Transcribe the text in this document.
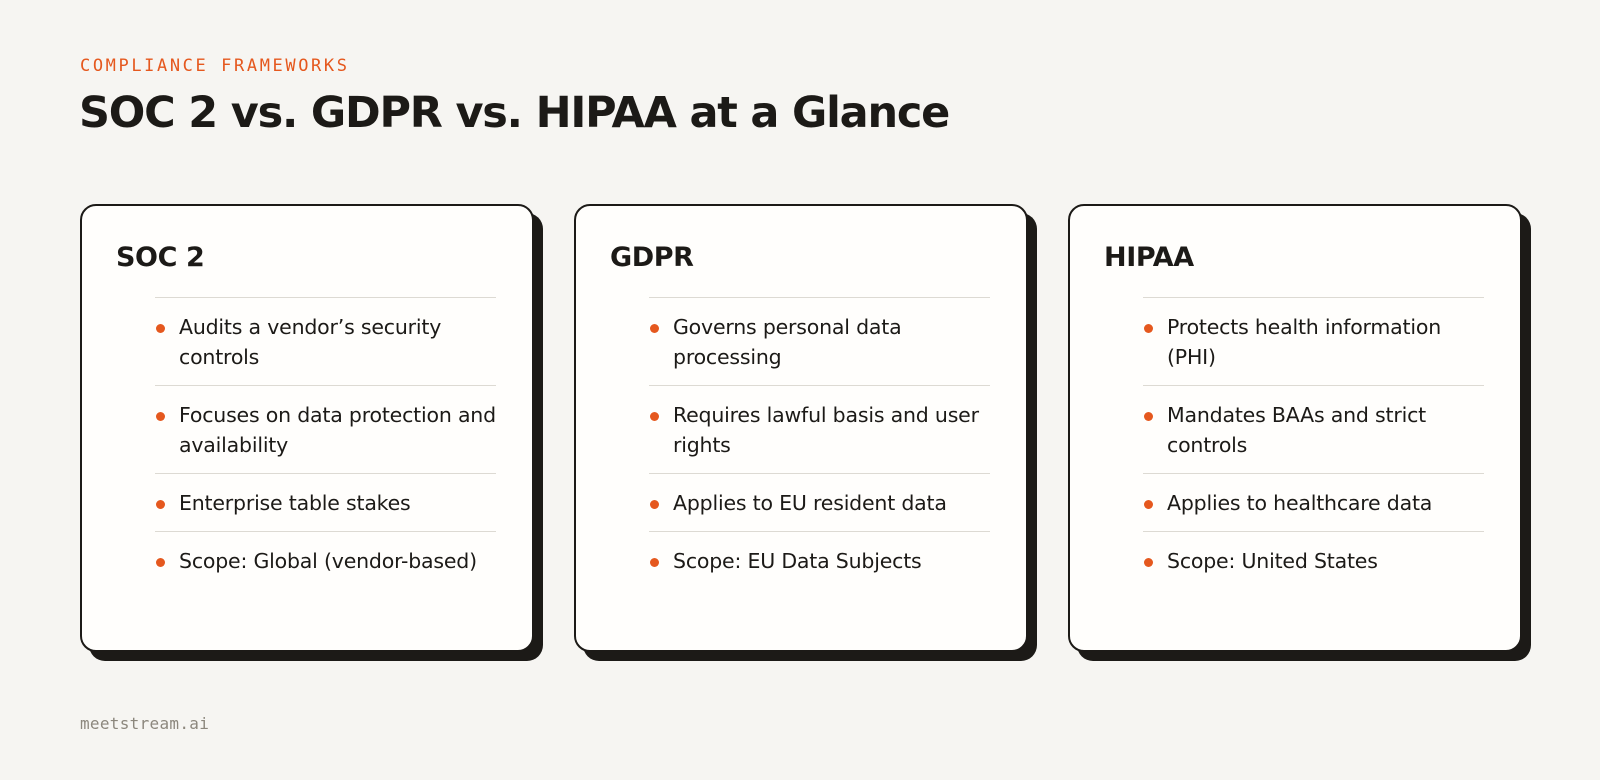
COMPLIANCE FRAMEWORKS
SOC 2 vs. GDPR vs. HIPAA at a Glance
SOC 2
Audits a vendor’s security controls
Focuses on data protection and availability
Enterprise table stakes
Scope: Global (vendor-based)
GDPR
Governs personal data processing
Requires lawful basis and user rights
Applies to EU resident data
Scope: EU Data Subjects
HIPAA
Protects health information (PHI)
Mandates BAAs and strict controls
Applies to healthcare data
Scope: United States
meetstream.ai
